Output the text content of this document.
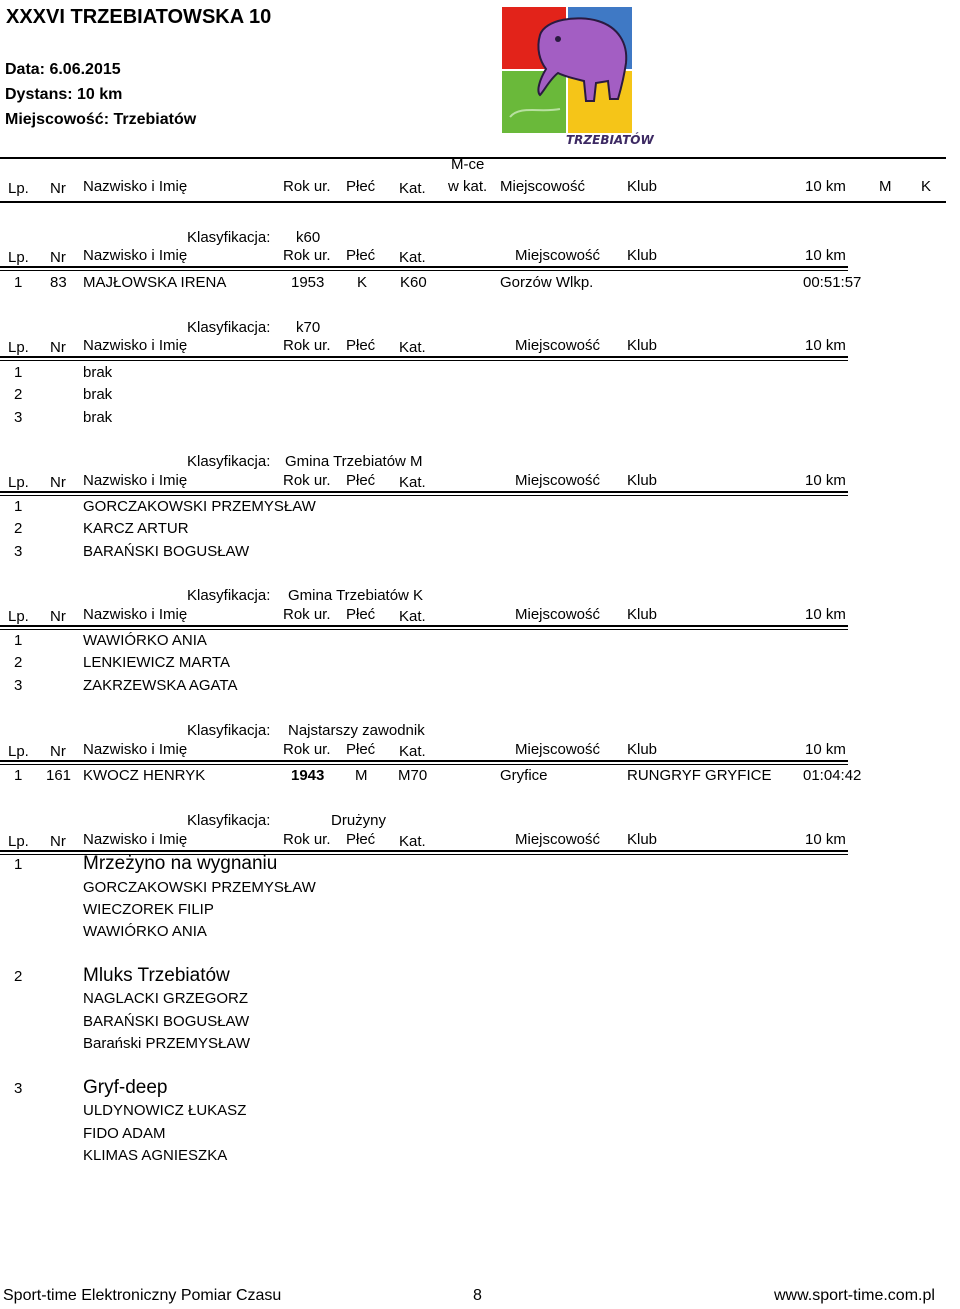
XXXVI TRZEBIATOWSKA 10
Data: 6.06.2015
Dystans: 10 km
Miejscowość: Trzebiatów
TRZEBIATÓW
M-ce
Lp. Nr Nazwisko i Imię	Rok ur. Płeć Kat. w kat. Miejscowość	Klub	10 km M K
Klasyfikacja: k60
Lp. Nr Nazwisko i Imię	Rok ur. Płeć Kat.	Miejscowość Klub	10 km
1 83 MAJŁOWSKA IRENA	1953 K K60	Gorzów Wlkp.	00:51:57
Klasyfikacja: k70
Lp. Nr Nazwisko i Imię	Rok ur. Płeć Kat.	Miejscowość Klub	10 km
1	brak
2	brak
3	brak
Klasyfikacja: Gmina Trzebiatów M
Lp. Nr Nazwisko i Imię	Rok ur. Płeć Kat.	Miejscowość Klub	10 km
1	GORCZAKOWSKI PRZEMYSŁAW
2	KARCZ ARTUR
3	BARAŃSKI BOGUSŁAW
Klasyfikacja: Gmina Trzebiatów K
Lp. Nr Nazwisko i Imię	Rok ur. Płeć Kat.	Miejscowość Klub	10 km
1	WAWIÓRKO ANIA
2	LENKIEWICZ MARTA
3	ZAKRZEWSKA AGATA
Klasyfikacja: Najstarszy zawodnik
Lp. Nr Nazwisko i Imię	Rok ur. Płeć Kat.	Miejscowość Klub	10 km
1 161 KWOCZ HENRYK	1943 M M70	Gryfice	RUNGRYF GRYFICE 01:04:42
Klasyfikacja:	Drużyny
Lp. Nr Nazwisko i Imię	Rok ur. Płeć Kat.	Miejscowość Klub	10 km
1	Mrzeżyno na wygnaniu
GORCZAKOWSKI PRZEMYSŁAW
WIECZOREK FILIP
WAWIÓRKO ANIA
2	Mluks Trzebiatów
NAGLACKI GRZEGORZ
BARAŃSKI BOGUSŁAW
Barański PRZEMYSŁAW
3	Gryf-deep
ULDYNOWICZ ŁUKASZ
FIDO ADAM
KLIMAS AGNIESZKA
Sport-time Elektroniczny Pomiar Czasu	8	www.sport-time.com.pl
